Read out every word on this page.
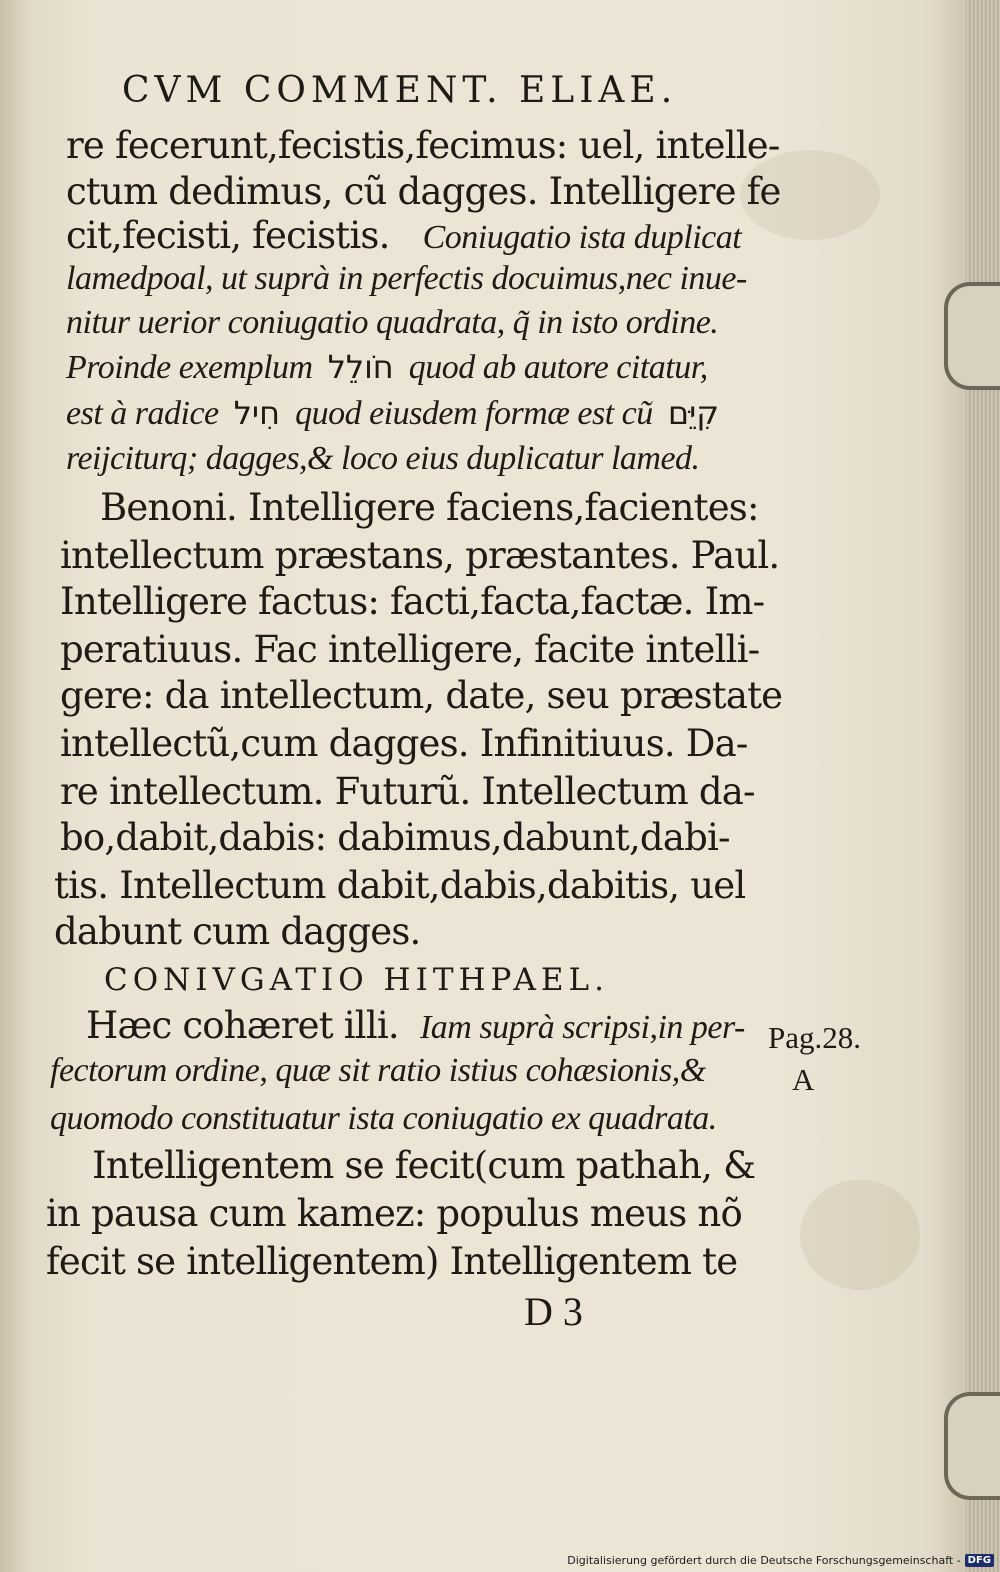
CVM COMMENT. ELIAE.
re fecerunt,fecistis,fecimus: uel, intelle-
ctum dedimus, cũ dagges. Intelligere fe
cit,fecisti, fecistis. Coniugatio ista duplicat
lamedpoal, ut suprà in perfectis docuimus,nec inue-
nitur uerior coniugatio quadrata, q̃ in isto ordine.
Proinde exemplum חֹולֵל quod ab autore citatur,
est à radice חִיל quod eiusdem formæ est cũ קִיֵּם
reijciturq; dagges,& loco eius duplicatur lamed.
Benoni. Intelligere faciens,facientes:
intellectum præstans, præstantes. Paul.
Intelligere factus: facti,facta,factæ. Im-
peratiuus. Fac intelligere, facite intelli-
gere: da intellectum, date, seu præstate
intellectũ,cum dagges. Infinitiuus. Da-
re intellectum. Futurũ. Intellectum da-
bo,dabit,dabis: dabimus,dabunt,dabi-
tis. Intellectum dabit,dabis,dabitis, uel
dabunt cum dagges.
CONIVGATIO HITHPAEL.
Hæc cohæret illi. Iam suprà scripsi,in per-
fectorum ordine, quæ sit ratio istius cohæsionis,&
quomodo constituatur ista coniugatio ex quadrata.
Intelligentem se fecit(cum pathah, &
in pausa cum kamez: populus meus nõ
fecit se intelligentem) Intelligentem te
Pag.28.
A
D 3
Digitalisierung gefördert durch die Deutsche Forschungsgemeinschaft - DFG
